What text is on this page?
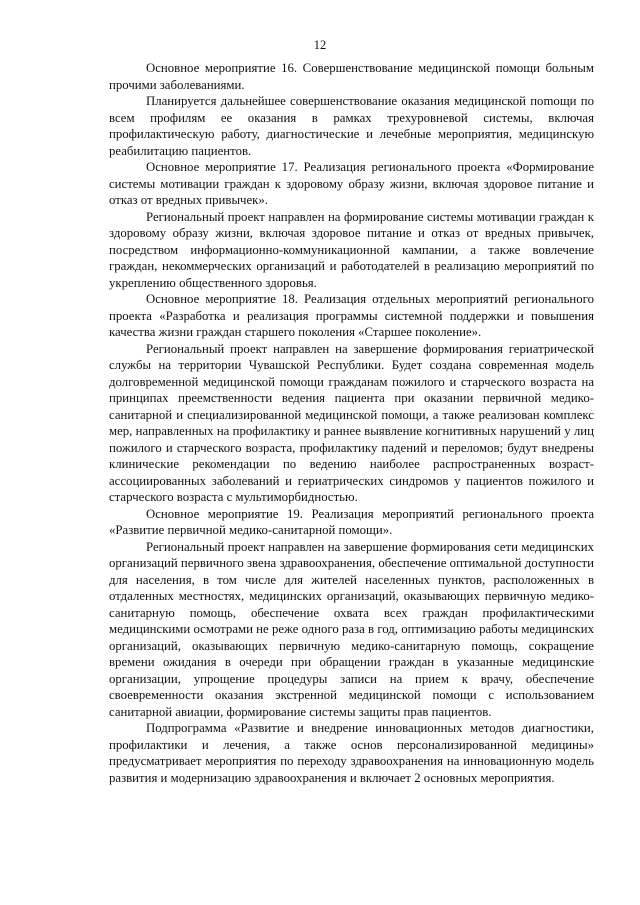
12

Основное мероприятие 16. Совершенствование медицинской помощи больным прочими заболеваниями.

Планируется дальнейшее совершенствование оказания медицинской поmощи по всем профилям ее оказания в рамках трехуровневой системы, включая профилактическую работу, диагностические и лечебные мероприятия, медицинскую реабилитацию пациентов.

Основное мероприятие 17. Реализация регионального проекта «Формирование системы мотивации граждан к здоровому образу жизни, включая здоровое питание и отказ от вредных привычек».

Региональный проект направлен на формирование системы мотивации граждан к здоровому образу жизни, включая здоровое питание и отказ от вредных привычек, посредством информационно-коммуникационной кампании, а также вовлечение граждан, некоммерческих организаций и работодателей в реализацию мероприятий по укреплению общественного здоровья.

Основное мероприятие 18. Реализация отдельных мероприятий регионального проекта «Разработка и реализация программы системной поддержки и повышения качества жизни граждан старшего поколения «Старшее поколение».

Региональный проект направлен на завершение формирования гериатрической службы на территории Чувашской Республики. Будет создана современная модель долговременной медицинской помощи гражданам пожилого и старческого возраста на принципах преемственности ведения пациента при оказании первичной медико-санитарной и специализированной медицинской помощи, а также реализован комплекс мер, направленных на профилактику и раннее выявление когнитивных нарушений у лиц пожилого и старческого возраста, профилактику падений и переломов; будут внедрены клинические рекомендации по ведению наиболее распространенных возраст-ассоциированных заболеваний и гериатрических синдромов у пациентов пожилого и старческого возраста с мультиморбидностью.

Основное мероприятие 19. Реализация мероприятий регионального проекта «Развитие первичной медико-санитарной помощи».

Региональный проект направлен на завершение формирования сети медицинских организаций первичного звена здравоохранения, обеспечение оптимальной доступности для населения, в том числе для жителей населенных пунктов, расположенных в отдаленных местностях, медицинских организаций, оказывающих первичную медико-санитарную помощь, обеспечение охвата всех граждан профилактическими медицинскими осмотрами не реже одного раза в год, оптимизацию работы медицинских организаций, оказывающих первичную медико-санитарную помощь, сокращение времени ожидания в очереди при обращении граждан в указанные медицинские организации, упрощение процедуры записи на прием к врачу, обеспечение своевременности оказания экстренной медицинской помощи с использованием санитарной авиации, формирование системы защиты прав пациентов.

Подпрограмма «Развитие и внедрение инновационных методов диагностики, профилактики и лечения, а также основ персонализированной медицины» предусматривает мероприятия по переходу здравоохранения на инновационную модель развития и модернизацию здравоохранения и включает 2 основных мероприятия.
